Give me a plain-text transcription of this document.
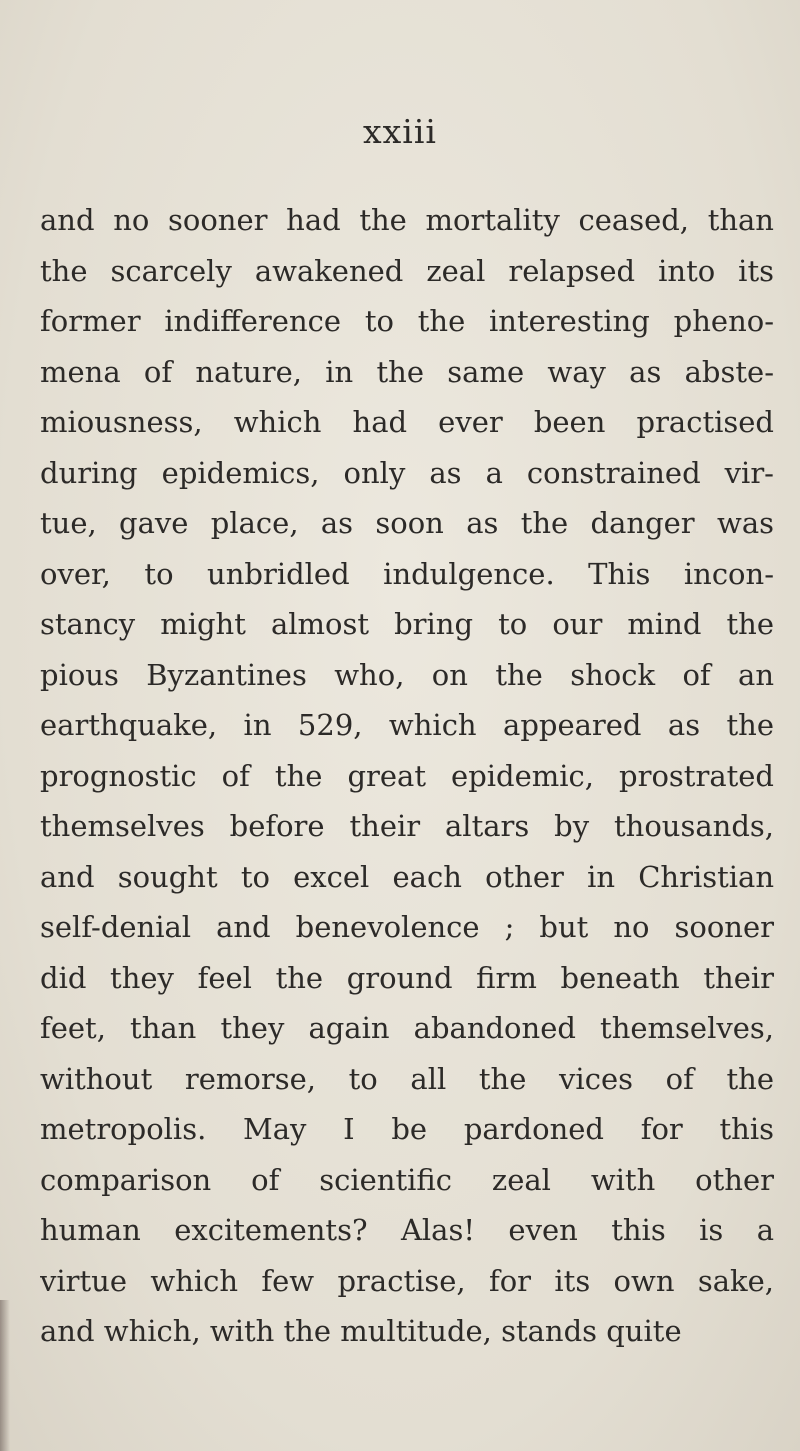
xxiii
and no sooner had the mortality ceased, than
the scarcely awakened zeal relapsed into its
former indifference to the interesting pheno-
mena of nature, in the same way as abste-
miousness, which had ever been practised
during epidemics, only as a constrained vir-
tue, gave place, as soon as the danger was
over, to unbridled indulgence. This incon-
stancy might almost bring to our mind the
pious Byzantines who, on the shock of an
earthquake, in 529, which appeared as the
prognostic of the great epidemic, prostrated
themselves before their altars by thousands,
and sought to excel each other in Christian
self-denial and benevolence ; but no sooner
did they feel the ground firm beneath their
feet, than they again abandoned themselves,
without remorse, to all the vices of the
metropolis. May I be pardoned for this
comparison of scientific zeal with other
human excitements? Alas! even this is a
virtue which few practise, for its own sake,
and which, with the multitude, stands quite
